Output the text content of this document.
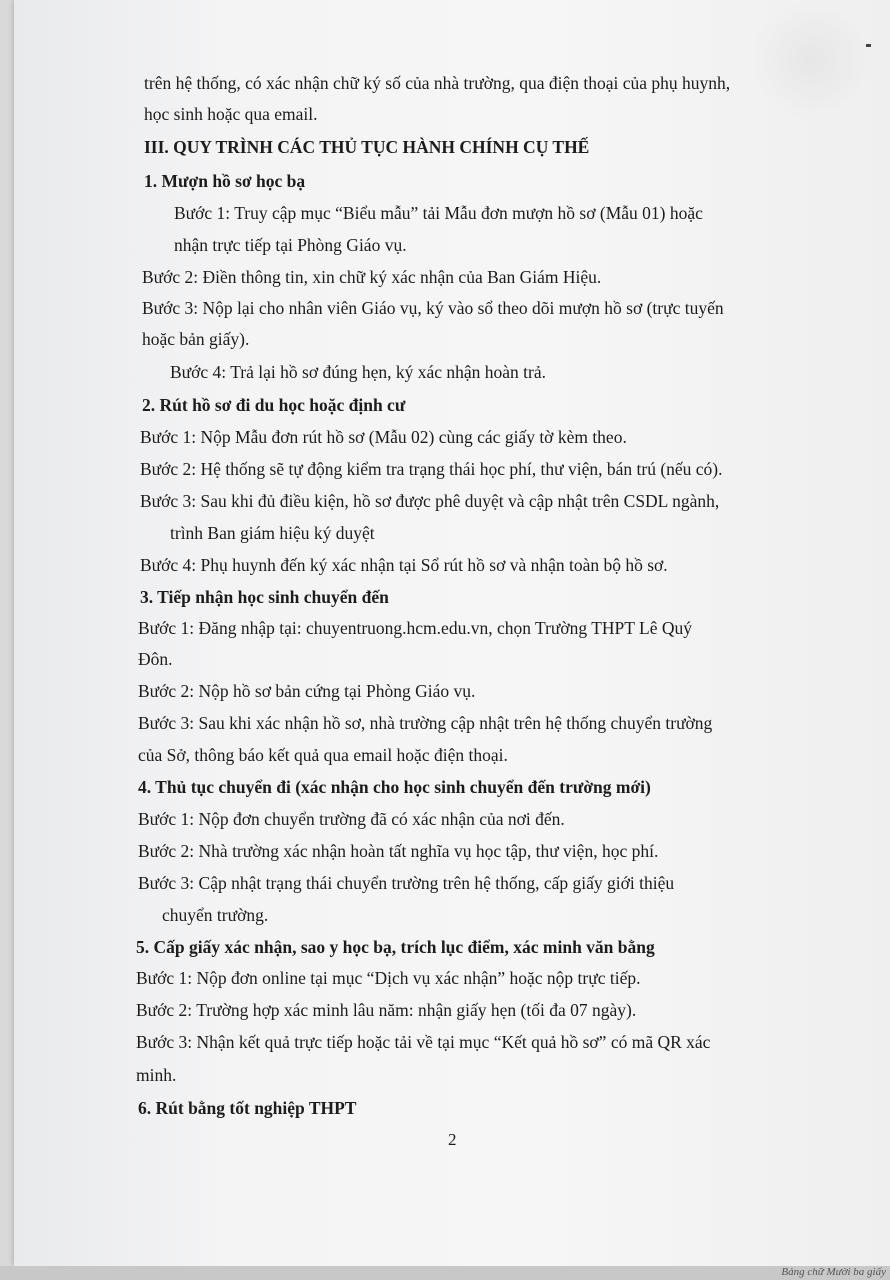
trên hệ thống, có xác nhận chữ ký số của nhà trường, qua điện thoại của phụ huynh,
học sinh hoặc qua email.
III. QUY TRÌNH CÁC THỦ TỤC HÀNH CHÍNH CỤ THẾ
1. Mượn hồ sơ học bạ
Bước 1: Truy cập mục “Biểu mẫu” tải Mẫu đơn mượn hồ sơ (Mẫu 01) hoặc
nhận trực tiếp tại Phòng Giáo vụ.
Bước 2: Điền thông tin, xin chữ ký xác nhận của Ban Giám Hiệu.
Bước 3: Nộp lại cho nhân viên Giáo vụ, ký vào sổ theo dõi mượn hồ sơ (trực tuyến
hoặc bản giấy).
Bước 4: Trả lại hồ sơ đúng hẹn, ký xác nhận hoàn trả.
2. Rút hồ sơ đi du học hoặc định cư
Bước 1: Nộp Mẫu đơn rút hồ sơ (Mẫu 02) cùng các giấy tờ kèm theo.
Bước 2: Hệ thống sẽ tự động kiểm tra trạng thái học phí, thư viện, bán trú (nếu có).
Bước 3: Sau khi đủ điều kiện, hồ sơ được phê duyệt và cập nhật trên CSDL ngành,
trình Ban giám hiệu ký duyệt
Bước 4: Phụ huynh đến ký xác nhận tại Sổ rút hồ sơ và nhận toàn bộ hồ sơ.
3. Tiếp nhận học sinh chuyển đến
Bước 1: Đăng nhập tại: chuyentruong.hcm.edu.vn, chọn Trường THPT Lê Quý
Đôn.
Bước 2: Nộp hồ sơ bản cứng tại Phòng Giáo vụ.
Bước 3: Sau khi xác nhận hồ sơ, nhà trường cập nhật trên hệ thống chuyển trường
của Sở, thông báo kết quả qua email hoặc điện thoại.
4. Thủ tục chuyển đi (xác nhận cho học sinh chuyển đến trường mới)
Bước 1: Nộp đơn chuyển trường đã có xác nhận của nơi đến.
Bước 2: Nhà trường xác nhận hoàn tất nghĩa vụ học tập, thư viện, học phí.
Bước 3: Cập nhật trạng thái chuyển trường trên hệ thống, cấp giấy giới thiệu
chuyển trường.
5. Cấp giấy xác nhận, sao y học bạ, trích lục điểm, xác minh văn bằng
Bước 1: Nộp đơn online tại mục “Dịch vụ xác nhận” hoặc nộp trực tiếp.
Bước 2: Trường hợp xác minh lâu năm: nhận giấy hẹn (tối đa 07 ngày).
Bước 3: Nhận kết quả trực tiếp hoặc tải về tại mục “Kết quả hồ sơ” có mã QR xác
minh.
6. Rút bằng tốt nghiệp THPT
2
Bảng chữ Mười ba giấy
